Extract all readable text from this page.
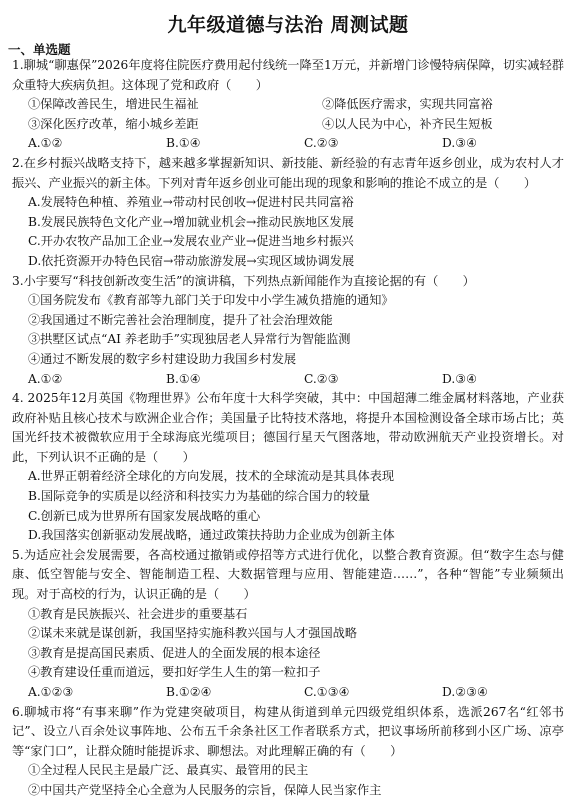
九年级道德与法治 周测试题
一、单选题

1.聊城“聊惠保”2026年度将住院医疗费用起付线统一降至1万元，并新增门诊慢特病保障，切实减轻群众重特大疾病负担。这体现了党和政府（　　）

①保障改善民生，增进民生福祉	②降低医疗需求，实现共同富裕
③深化医疗改革，缩小城乡差距	④以人民为中心，补齐民生短板
A.①②	B.①④	C.②③	D.③④

2.在乡村振兴战略支持下，越来越多掌握新知识、新技能、新经验的有志青年返乡创业，成为农村人才振兴、产业振兴的新主体。下列对青年返乡创业可能出现的现象和影响的推论不成立的是（　　）

A.发展特色种植、养殖业→带动村民创收→促进村民共同富裕
B.发展民族特色文化产业→增加就业机会→推动民族地区发展
C.开办农牧产品加工企业→发展农业产业→促进当地乡村振兴
D.依托资源开办特色民宿→带动旅游发展→实现区域协调发展

3.小宇要写“科技创新改变生活”的演讲稿，下列热点新闻能作为直接论据的有（　　）

①国务院发布《教育部等九部门关于印发中小学生减负措施的通知》
②我国通过不断完善社会治理制度，提升了社会治理效能
③拱墅区试点“AI 养老助手”实现独居老人异常行为智能监测
④通过不断发展的数字乡村建设助力我国乡村发展
A.①②	B.①④	C.②③	D.③④

4. 2025年12月英国《物理世界》公布年度十大科学突破，其中：中国超薄二维金属材料落地，产业获政府补贴且核心技术与欧洲企业合作；美国量子比特技术落地，将提升本国检测设备全球市场占比；英国光纤技术被微软应用于全球海底光缆项目；德国行星天气图落地，带动欧洲航天产业投资增长。对此，下列认识不正确的是（　　）

A.世界正朝着经济全球化的方向发展，技术的全球流动是其具体表现
B.国际竞争的实质是以经济和科技实力为基础的综合国力的较量
C.创新已成为世界所有国家发展战略的重心
D.我国落实创新驱动发展战略，通过政策扶持助力企业成为创新主体

5.为适应社会发展需要，各高校通过撤销或停招等方式进行优化，以整合教育资源。但“数字生态与健康、低空智能与安全、智能制造工程、大数据管理与应用、智能建造……”，各种“智能”专业频频出现。对于高校的行为，认识正确的是（　　）

①教育是民族振兴、社会进步的重要基石
②谋未来就是谋创新，我国坚持实施科教兴国与人才强国战略
③教育是提高国民素质、促进人的全面发展的根本途径
④教育建设任重而道远，要扣好学生人生的第一粒扣子
A.①②③	B.①②④	C.①③④	D.②③④

6.聊城市将“有事来聊”作为党建突破项目，构建从街道到单元四级党组织体系，选派267名“红邻书记”、设立八百余处议事阵地、公布五千余条社区工作者联系方式，把议事场所前移到小区广场、凉亭等“家门口”，让群众随时能提诉求、聊想法。对此理解正确的有（　　）

①全过程人民民主是最广泛、最真实、最管用的民主
②中国共产党坚持全心全意为人民服务的宗旨，保障人民当家作主
